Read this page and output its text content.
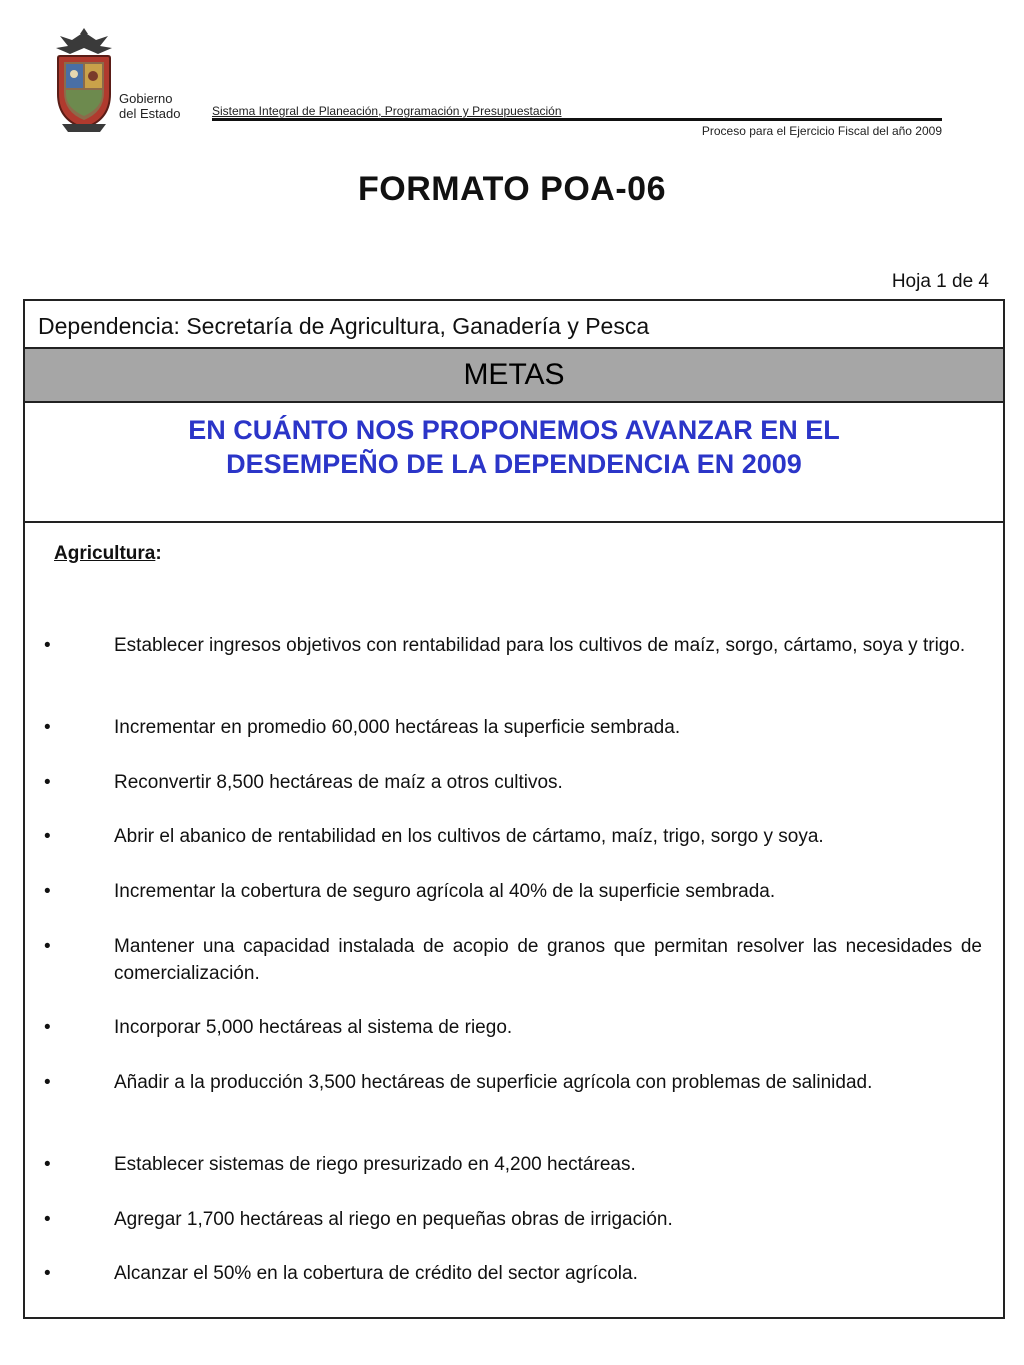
Gobierno
del Estado	Sistema Integral de Planeación, Programación y Presupuestación
Proceso para el Ejercicio Fiscal del año 2009
FORMATO POA-06
Hoja 1 de 4
Dependencia: Secretaría de Agricultura, Ganadería y Pesca
METAS
EN CUÁNTO NOS PROPONEMOS AVANZAR EN EL
DESEMPEÑO DE LA DEPENDENCIA EN 2009
Agricultura:
•	Establecer ingresos objetivos con rentabilidad para los cultivos de maíz, sorgo, cártamo, soya y trigo.
•	Incrementar en promedio 60,000 hectáreas la superficie sembrada.
•	Reconvertir 8,500 hectáreas de maíz a otros cultivos.
•	Abrir el abanico de rentabilidad en los cultivos de cártamo, maíz, trigo, sorgo y soya.
•	Incrementar la cobertura de seguro agrícola al 40% de la superficie sembrada.
•	Mantener una capacidad instalada de acopio de granos que permitan resolver las necesidades de comercialización.
•	Incorporar 5,000 hectáreas al sistema de riego.
•	Añadir a la producción 3,500 hectáreas de superficie agrícola con problemas de salinidad.
•	Establecer sistemas de riego presurizado en 4,200 hectáreas.
•	Agregar 1,700 hectáreas al riego en pequeñas obras de irrigación.
•	Alcanzar el 50% en la cobertura de crédito del sector agrícola.
